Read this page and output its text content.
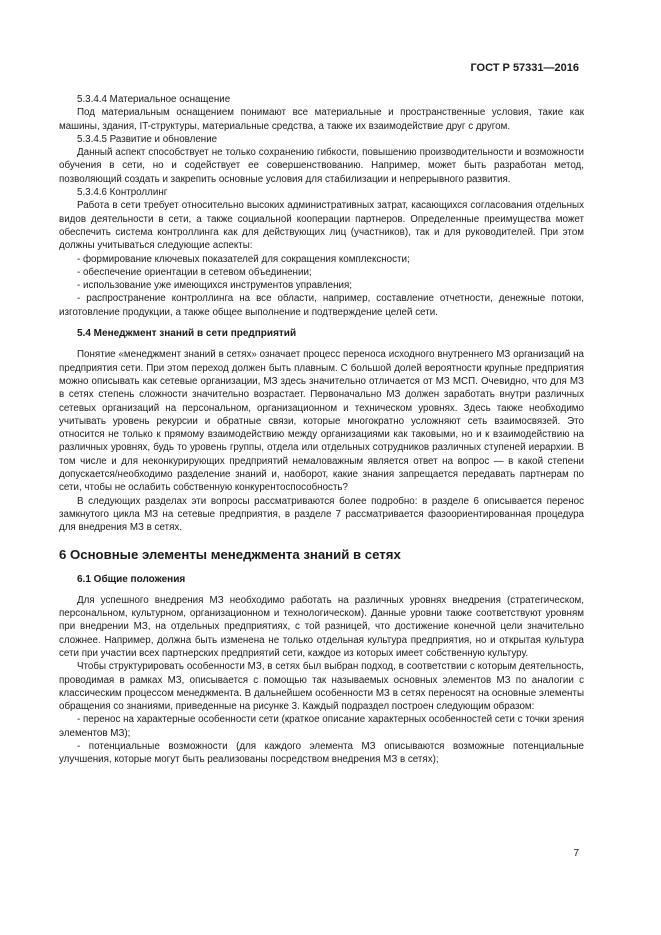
ГОСТ Р 57331—2016

5.3.4.4 Материальное оснащение

Под материальным оснащением понимают все материальные и пространственные условия, такие как машины, здания, IT-структуры, материальные средства, а также их взаимодействие друг с другом.

5.3.4.5 Развитие и обновление

Данный аспект способствует не только сохранению гибкости, повышению производительности и возможности обучения в сети, но и содействует ее совершенствованию. Например, может быть разработан метод, позволяющий создать и закрепить основные условия для стабилизации и непрерывного развития.

5.3.4.6 Контроллинг

Работа в сети требует относительно высоких административных затрат, касающихся согласования отдельных видов деятельности в сети, а также социальной кооперации партнеров. Определенные преимущества может обеспечить система контроллинга как для действующих лиц (участников), так и для руководителей. При этом должны учитываться следующие аспекты:

- формирование ключевых показателей для сокращения комплексности;

- обеспечение ориентации в сетевом объединении;

- использование уже имеющихся инструментов управления;

- распространение контроллинга на все области, например, составление отчетности, денежные потоки, изготовление продукции, а также общее выполнение и подтверждение целей сети.

5.4 Менеджмент знаний в сети предприятий

Понятие «менеджмент знаний в сетях» означает процесс переноса исходного внутреннего МЗ организаций на предприятия сети. При этом переход должен быть плавным. С большой долей вероятности крупные предприятия можно описывать как сетевые организации, МЗ здесь значительно отличается от МЗ МСП. Очевидно, что для МЗ в сетях степень сложности значительно возрастает. Первоначально МЗ должен заработать внутри различных сетевых организаций на персональном, организационном и техническом уровнях. Здесь также необходимо учитывать уровень рекурсии и обратные связи, которые многократно усложняют сеть взаимосвязей. Это относится не только к прямому взаимодействию между организациями как таковыми, но и к взаимодействию на различных уровнях, будь то уровень группы, отдела или отдельных сотрудников различных ступеней иерархии. В том числе и для неконкурирующих предприятий немаловажным является ответ на вопрос — в какой степени допускается/необходимо разделение знаний и, наоборот, какие знания запрещается передавать партнерам по сети, чтобы не ослабить собственную конкурентоспособность?

В следующих разделах эти вопросы рассматриваются более подробно: в разделе 6 описывается перенос замкнутого цикла МЗ на сетевые предприятия, в разделе 7 рассматривается фазоориентированная процедура для внедрения МЗ в сетях.

6 Основные элементы менеджмента знаний в сетях
6.1 Общие положения

Для успешного внедрения МЗ необходимо работать на различных уровнях внедрения (стратегическом, персональном, культурном, организационном и технологическом). Данные уровни также соответствуют уровням при внедрении МЗ, на отдельных предприятиях, с той разницей, что достижение конечной цели значительно сложнее. Например, должна быть изменена не только отдельная культура предприятия, но и открытая культура сети при участии всех партнерских предприятий сети, каждое из которых имеет собственную культуру.

Чтобы структурировать особенности МЗ, в сетях был выбран подход, в соответствии с которым деятельность, проводимая в рамках МЗ, описывается с помощью так называемых основных элементов МЗ по аналогии с классическим процессом менеджмента. В дальнейшем особенности МЗ в сетях переносят на основные элементы обращения со знаниями, приведенные на рисунке 3. Каждый подраздел построен следующим образом:

- перенос на характерные особенности сети (краткое описание характерных особенностей сети с точки зрения элементов МЗ);

- потенциальные возможности (для каждого элемента МЗ описываются возможные потенциальные улучшения, которые могут быть реализованы посредством внедрения МЗ в сетях);

7
